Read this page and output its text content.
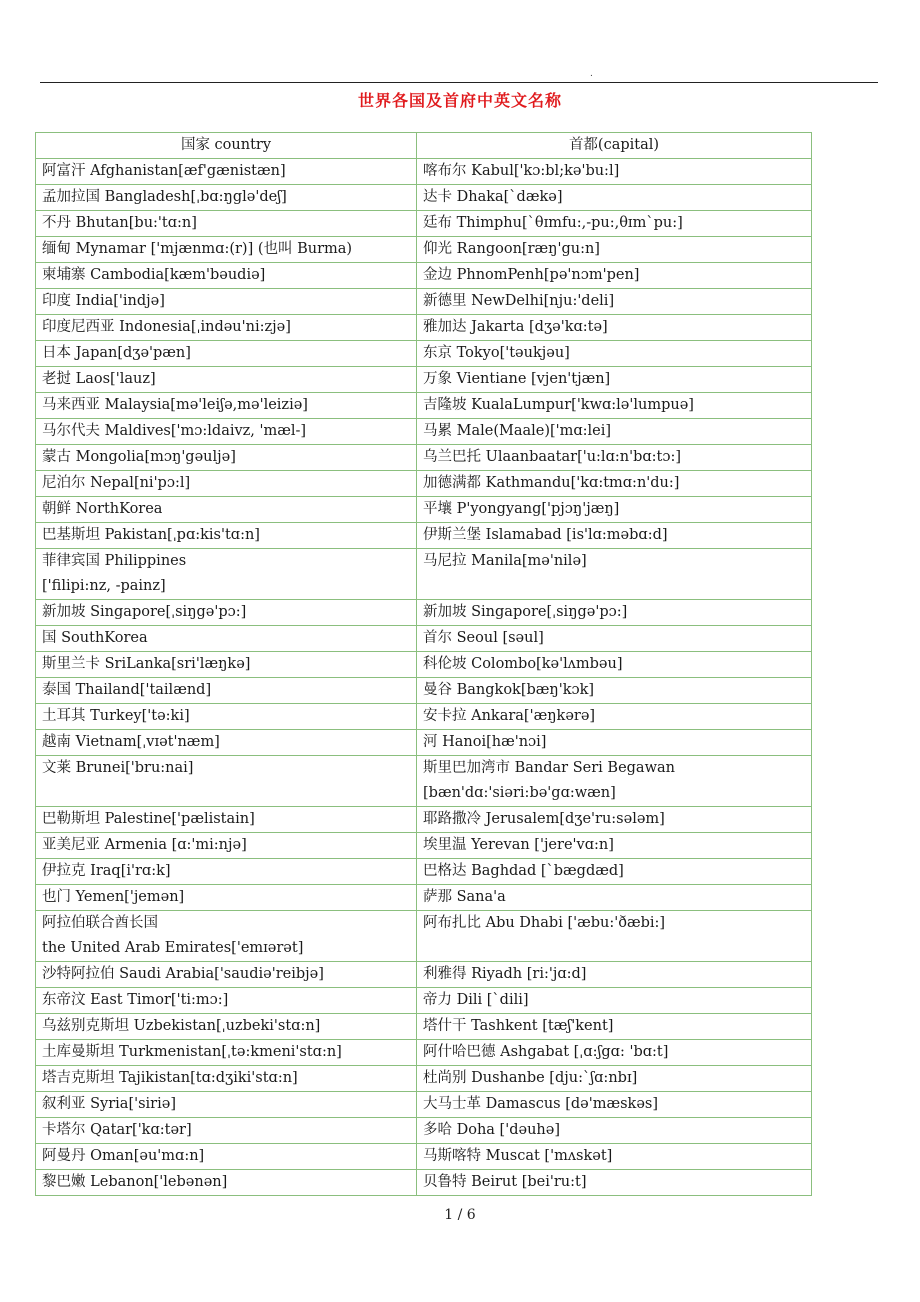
.
世界各国及首府中英文名称
国家 country	首都(capital)
阿富汗 Afghanistan[æf'gænistæn]	喀布尔 Kabul['kɔ:bl;kə'bu:l]
孟加拉国 Bangladesh[ˌbɑ:ŋglə'deʃ]	达卡 Dhaka[`dækə]
不丹 Bhutan[bu:'tɑ:n]	廷布 Thimphu[`θɪmfu:,-pu:,θɪm`pu:]
缅甸 Mynamar ['mjænmɑ:(r)] (也叫 Burma)	仰光 Rangoon[ræŋ'gu:n]
柬埔寨 Cambodia[kæm'bəudiə]	金边 PhnomPenh[pə'nɔm'pen]
印度 India['indjə]	新德里 NewDelhi[nju:'deli]
印度尼西亚 Indonesia[ˌindəu'ni:zjə]	雅加达 Jakarta [dʒə'kɑ:tə]
日本 Japan[dʒə'pæn]	东京 Tokyo['təukjəu]
老挝 Laos['lauz]	万象 Vientiane [vjen'tjæn]
马来西亚 Malaysia[mə'leiʃə,mə'leiziə]	吉隆坡 KualaLumpur['kwɑ:lə'lumpuə]
马尔代夫 Maldives['mɔ:ldaivz, 'mæl-]	马累 Male(Maale)['mɑ:lei]
蒙古 Mongolia[mɔŋ'gəuljə]	乌兰巴托 Ulaanbaatar['u:lɑ:n'bɑ:tɔ:]
尼泊尔 Nepal[ni'pɔ:l]	加德满都 Kathmandu['kɑ:tmɑ:n'du:]
朝鲜 NorthKorea	平壤 P'yongyang['pjɔŋ'jæŋ]
巴基斯坦 Pakistan[ˌpɑ:kis'tɑ:n]	伊斯兰堡 Islamabad [is'lɑ:məbɑ:d]

菲律宾国 Philippines
['filipi:nz, -painz]	马尼拉 Manila[mə'nilə]
新加坡 Singapore[ˌsiŋgə'pɔ:]	新加坡 Singapore[ˌsiŋgə'pɔ:]
国 SouthKorea	首尔 Seoul [səul]
斯里兰卡 SriLanka[sri'læŋkə]	科伦坡 Colombo[kə'lʌmbəu]
泰国 Thailand['tailænd]	曼谷 Bangkok[bæŋ'kɔk]
土耳其 Turkey['tə:ki]	安卡拉 Ankara['æŋkərə]
越南 Vietnam[ˌvɪət'næm]	河 Hanoi[hæ'nɔi]
文莱 Brunei['bru:nai]	斯里巴加湾市 Bandar Seri Begawan
[bæn'dɑ:'siəri:bə'gɑ:wæn]

巴勒斯坦 Palestine['pælistain]	耶路撒冷 Jerusalem[dʒe'ru:sələm]
亚美尼亚 Armenia [ɑ:'mi:njə]	埃里温 Yerevan ['jere'vɑ:n]
伊拉克 Iraq[i'rɑ:k]	巴格达 Baghdad [`bægdæd]
也门 Yemen['jemən]	萨那 Sana'a

阿拉伯联合酋长国
the United Arab Emirates['emɪərət]	阿布扎比 Abu Dhabi ['æbu:'ðæbi:]
沙特阿拉伯 Saudi Arabia['saudiə'reibjə]	利雅得 Riyadh [ri:'jɑ:d]
东帝汶 East Timor['ti:mɔ:]	帝力 Dili [`dili]
乌兹别克斯坦 Uzbekistan[ˌuzbeki'stɑ:n]	塔什干 Tashkent [tæʃ'kent]
土库曼斯坦 Turkmenistan[ˌtə:kmeni'stɑ:n]	阿什哈巴德 Ashgabat [ˌɑ:ʃgɑ: 'bɑ:t]
塔吉克斯坦 Tajikistan[tɑ:dʒiki'stɑ:n]	杜尚别 Dushanbe [dju:`ʃɑ:nbɪ]
叙利亚 Syria['siriə]	大马士革 Damascus [də'mæskəs]
卡塔尔 Qatar['kɑ:tər]	多哈 Doha ['dəuhə]
阿曼丹 Oman[əu'mɑ:n]	马斯喀特 Muscat ['mʌskət]
黎巴嫩 Lebanon['lebənən]	贝鲁特 Beirut [bei'ru:t]
1 / 6
